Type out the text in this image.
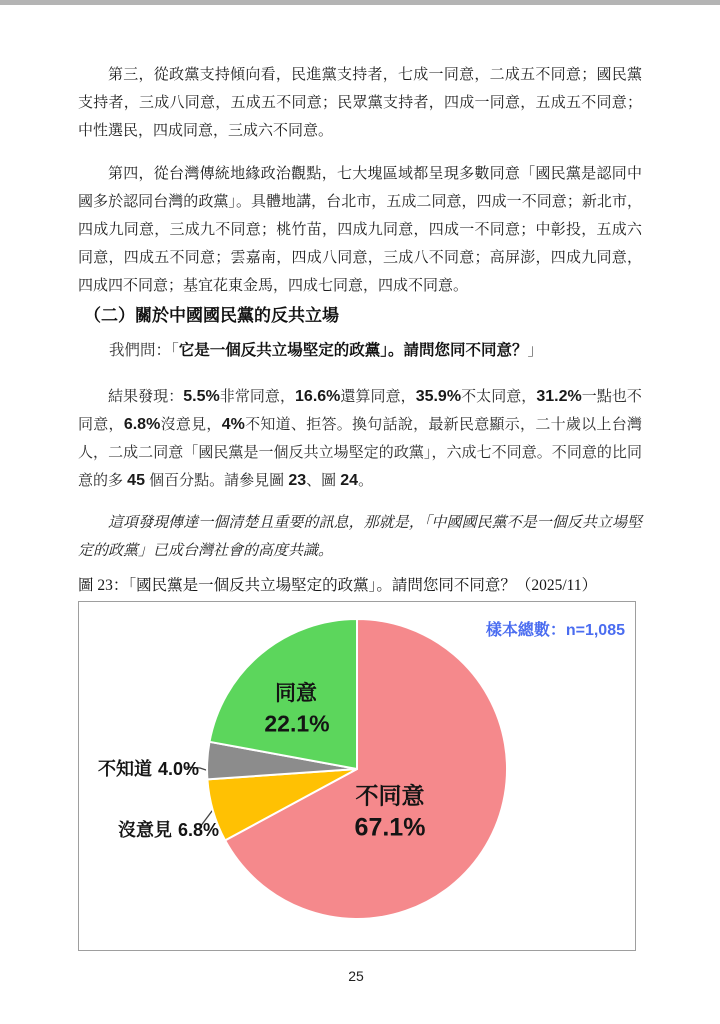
第三，從政黨支持傾向看，民進黨支持者，七成一同意，二成五不同意；國民黨支持者，三成八同意，五成五不同意；民眾黨支持者，四成一同意，五成五不同意；中性選民，四成同意，三成六不同意。

第四，從台灣傳統地緣政治觀點，七大塊區域都呈現多數同意「國民黨是認同中國多於認同台灣的政黨」。具體地講，台北市，五成二同意，四成一不同意；新北市，四成九同意，三成九不同意；桃竹苗，四成九同意，四成一不同意；中彰投，五成六同意，四成五不同意；雲嘉南，四成八同意，三成八不同意；高屏澎，四成九同意，四成四不同意；基宜花東金馬，四成七同意，四成不同意。

（二）關於中國國民黨的反共立場

我們問：「它是一個反共立場堅定的政黨」。請問您同不同意？」

結果發現：5.5%非常同意，16.6%還算同意，35.9%不太同意，31.2%一點也不同意，6.8%沒意見，4%不知道、拒答。換句話說，最新民意顯示，二十歲以上台灣人，二成二同意「國民黨是一個反共立場堅定的政黨」，六成七不同意。不同意的比同意的多 45 個百分點。請參見圖 23、圖 24。

這項發現傳達一個清楚且重要的訊息，那就是，「中國國民黨不是一個反共立場堅定的政黨」已成台灣社會的高度共識。

圖 23：「國民黨是一個反共立場堅定的政黨」。請問您同不同意？（2025/11）

樣本總數：n=1,085
同意
22.1%
不同意
67.1%
不知道 4.0%
沒意見 6.8%
25
